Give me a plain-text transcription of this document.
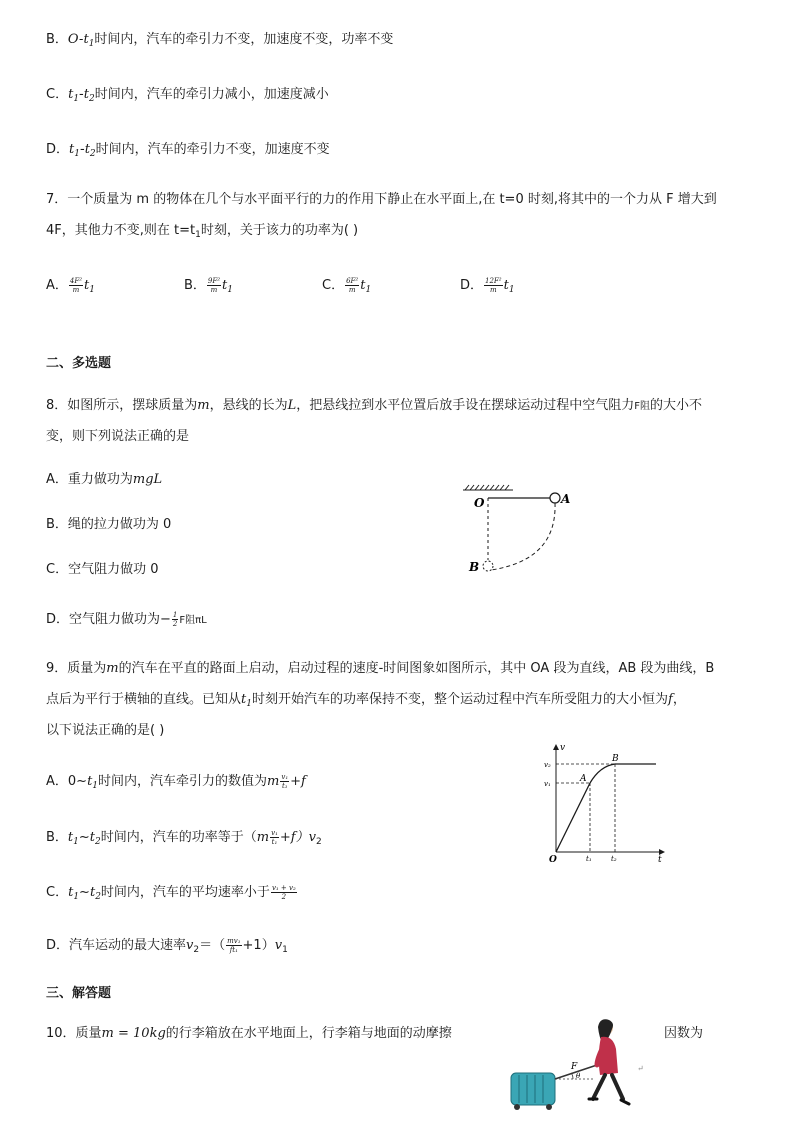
B．$O-t_1$时间内，汽车的牵引力不变，加速度不变，功率不变
C．$t_1-t_2$时间内，汽车的牵引力减小，加速度减小
D．$t_1-t_2$时间内，汽车的牵引力不变，加速度不变
7．一个质量为 m 的物体在几个与水平面平行的力的作用下静止在水平面上,在 t=0 时刻,将其中的一个力从 F 增大到
4F，其他力不变,则在 $t=t_1$时刻，关于该力的功率为( )
A． $\frac{\text{4F²}}{m} t_1$	B． $\frac{\text{9F²}}{m} t_1$	C． $\frac{\text{6F²}}{m} t_1$	D． $\frac{\text{12F²}}{m} t_1$
二、多选题
8．如图所示，摆球质量为m，悬线的长为L，把悬线拉到水平位置后放手设在摆球运动过程中空气阻力F阻的大小不
变，则下列说法正确的是
A．重力做功为mgL
B．绳的拉力做功为 0
C．空气阻力做功 0
D．空气阻力做功为− $\frac{1}{2}$ F阻πL
O	A
B
9．质量为m的汽车在平直的路面上启动，启动过程的速度-时间图象如图所示，其中 OA 段为直线，AB 段为曲线，B
点后为平行于横轴的直线。已知从$t_1$时刻开始汽车的功率保持不变，整个运动过程中汽车所受阻力的大小恒为f，
以下说法正确的是( )
A．$0\sim t_1$时间内，汽车牵引力的数值为m $\frac{\text{v₁}}{\text{t₁}} +f$
B．$t_1\sim t_2$时间内，汽车的功率等于$(m \frac{\text{v₁}}{\text{t₁}} +f)v_2$
C．$t_1\sim t_2$时间内，汽车的平均速率小于 $\frac{\text{v₁ + v₂}}{2}$
D．汽车运动的最大速率$v_2=( \frac{\text{mv₁}}{\text{ft₁}} +1)v_1$
v
t
O
A
B
v₁
v₂
t₁	t₂
三、解答题
10．质量m = 10kg的行李箱放在水平地面上，行李箱与地面的动摩擦	因数为
F
θ
↵
